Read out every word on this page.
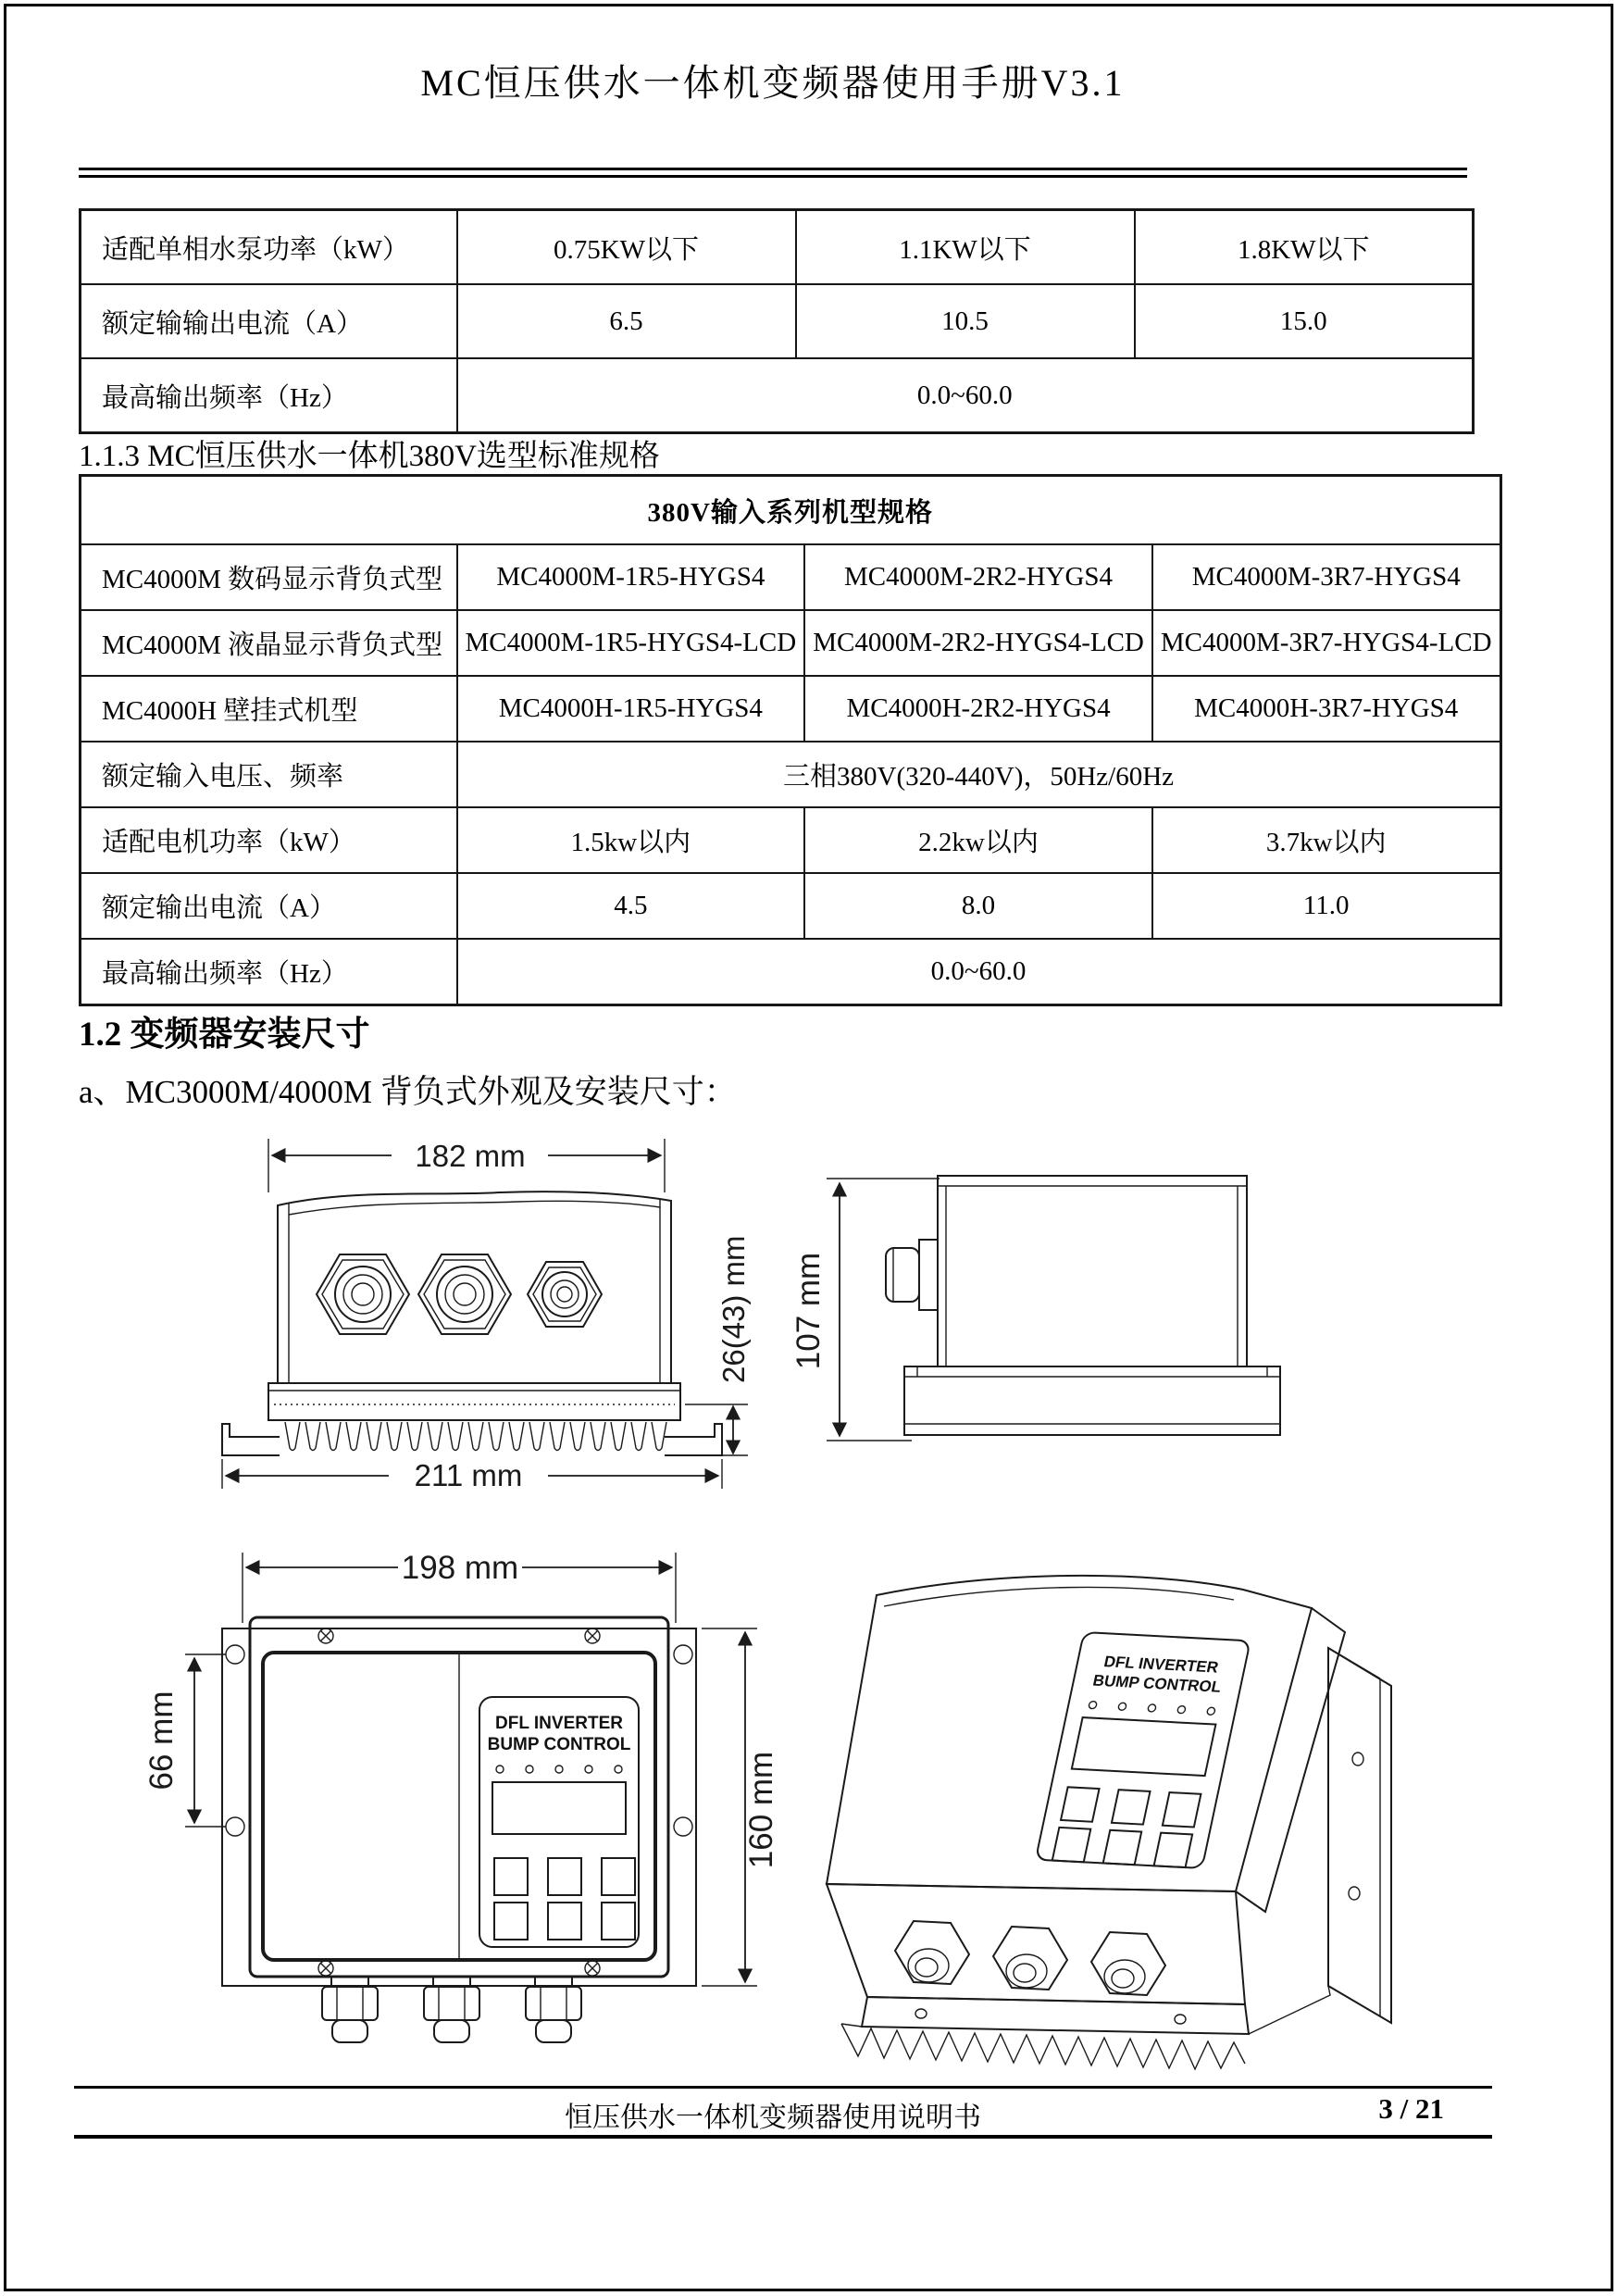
MC恒压供水一体机变频器使用手册V3.1
适配单相水泵功率（kW）	0.75KW以下	1.1KW以下	1.8KW以下
额定输输出电流（A）	6.5	10.5	15.0
最高输出频率（Hz）	0.0~60.0		
1.1.3 MC恒压供水一体机380V选型标准规格
380V输入系列机型规格			
MC4000M 数码显示背负式型	MC4000M-1R5-HYGS4	MC4000M-2R2-HYGS4	MC4000M-3R7-HYGS4
MC4000M 液晶显示背负式型	MC4000M-1R5-HYGS4-LCD	MC4000M-2R2-HYGS4-LCD	MC4000M-3R7-HYGS4-LCD
MC4000H 壁挂式机型	MC4000H-1R5-HYGS4	MC4000H-2R2-HYGS4	MC4000H-3R7-HYGS4
额定输入电压、频率	三相380V(320-440V)，50Hz/60Hz		
适配电机功率（kW）	1.5kw以内	2.2kw以内	3.7kw以内
额定输出电流（A）	4.5	8.0	11.0
最高输出频率（Hz）	0.0~60.0		
1.2 变频器安装尺寸
a、MC3000M/4000M 背负式外观及安装尺寸：
182 mm
211 mm
26(43) mm 107 mm
198 mm
66 mm	DFL INVERTER
BUMP CONTROL
160 mm
DFL INVERTER
BUMP CONTROL
恒压供水一体机变频器使用说明书	3 / 21
